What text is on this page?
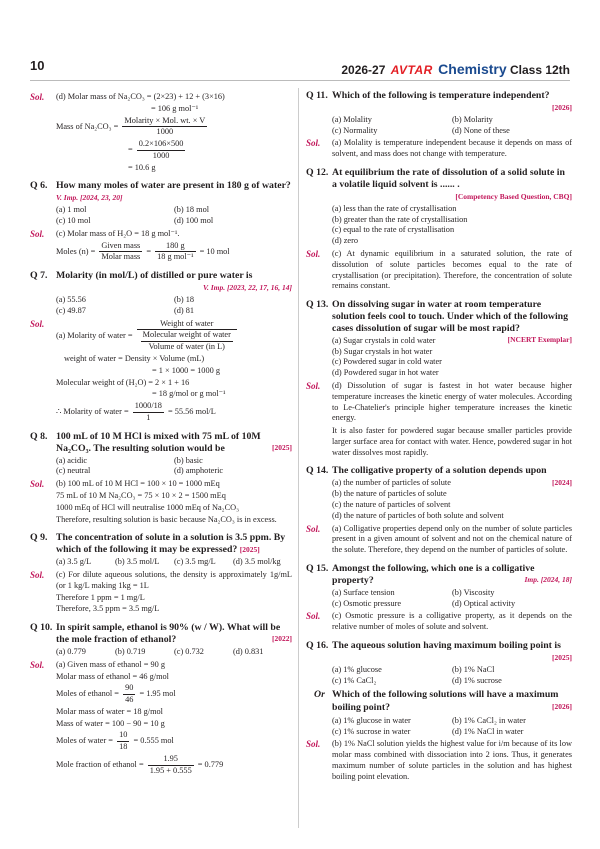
10	2026-27 AVTAR Chemistry Class 12th
Sol. (d) Molar mass of Na₂CO₃ = (2×23) + 12 + (3×16)
= 106 g mol⁻¹
Mass of $Na_2CO_3 = \frac{\text{Molarity × Mol. wt. × V}}{1000}$
= $\frac{0.2\times 106\times 500}{1000}$
= 10.6 g
Q 6. How many moles of water are present in 180 g of water? V. Imp. [2024, 23, 20]
(a) 1 mol	(b) 18 mol
(c) 10 mol	(d) 100 mol
Sol. (c) Molar mass of H₂O = 18 g mol⁻¹.
Moles $(n) = \frac{\text{Given mass}}{\text{Molar mass}} = \frac{180 g}{\text{18 g mol⁻¹}} = 10$ mol
Q 7. Molarity (in mol/L) of distilled or pure water is
V. Imp. [2023, 22, 17, 16, 14]
(a) 55.56	(b) 18
(c) 49.87	(d) 81
Sol.
(a) Molarity of water = $\frac{\text{Weight of water}}{\frac{\text{Molecular weight of water}}{\text{Volume of water (in L)}}}$
weight of water = Density × Volume (mL)
= 1 × 1000 = 1000 g
Molecular weight of (H₂O) = 2 × 1 + 16
= 18 g/mol or g mol⁻¹
∴ Molarity of water = $\frac{1000/18}{1} = 55.56$ mol/L
Q 8. 100 mL of 10 M HCl is mixed with 75 mL of 10M Na₂CO₃. The resulting solution would be	[2025]
(a) acidic	(b) basic
(c) neutral	(d) amphoteric
Sol. (b) 100 mL of 10 M HCl = 100 × 10 = 1000 mEq
75 mL of 10 M Na₂CO₃ = 75 × 10 × 2 = 1500 mEq
1000 mEq of HCl will neutralise 1000 mEq of Na₂CO₃
Therefore, resulting solution is basic because Na₂CO₃ is in excess.
Q 9. The concentration of solute in a solution is 3.5 ppm. By which of the following it may be expressed? [2025]
(a) 3.5 g/L	(b) 3.5 mol/L	(c) 3.5 mg/L	(d) 3.5 mol/kg
Sol. (c) For dilute aqueous solutions, the density is approximately 1g/mL (or 1 kg/L making 1kg = 1L
Therefore 1 ppm = 1 mg/L
Therefore, 3.5 ppm = 3.5 mg/L
Q 10. In spirit sample, ethanol is 90% (w / W). What will be the mole fraction of ethanol?	[2022]
(a) 0.779	(b) 0.719	(c) 0.732	(d) 0.831
Sol. (a) Given mass of ethanol = 90 g
Molar mass of ethanol = 46 g/mol
Moles of ethanol = $\frac{90}{46} = 1.95$ mol
Molar mass of water = 18 g/mol
Mass of water = 100 − 90 = 10 g
Moles of water = $\frac{10}{18} = 0.555$ mol
Mole fraction of ethanol = $\frac{1.95}{1.95 + 0.555} = 0.779$
Q 11. Which of the following is temperature independent?
[2026]
(a) Molality	(b) Molarity
(c) Normality	(d) None of these
Sol. (a) Molality is temperature independent because it depends on mass of solvent, and mass does not change with temperature.
Q 12. At equilibrium the rate of dissolution of a solid solute in a volatile liquid solvent is ...... .
[Competency Based Question, CBQ]
(a) less than the rate of crystallisation
(b) greater than the rate of crystallisation
(c) equal to the rate of crystallisation
(d) zero
Sol. (c) At dynamic equilibrium in a saturated solution, the rate of dissolution of solute particles becomes equal to the rate of crystallisation (or precipitation). Therefore, the concentration of solute remains constant.
Q 13. On dissolving sugar in water at room temperature solution feels cool to touch. Under which of the following cases dissolution of sugar will be most rapid?
[NCERT Exemplar]
(a) Sugar crystals in cold water
(b) Sugar crystals in hot water
(c) Powdered sugar in cold water
(d) Powdered sugar in hot water
Sol. (d) Dissolution of sugar is fastest in hot water because higher temperature increases the kinetic energy of water molecules. According to Le-Chatelier's principle higher temperature increases the kinetic energy.
It is also faster for powdered sugar because smaller particles provide larger surface area for contact with water. Hence, powdered sugar in hot water dissolves most rapidly.
Q 14. The colligative property of a solution depends upon
(a) the number of particles of solute	[2024]
(b) the nature of particles of solute
(c) the nature of particles of solvent
(d) the nature of particles of both solute and solvent
Sol. (a) Colligative properties depend only on the number of solute particles present in a given amount of solvent and not on the chemical nature of the solute. Therefore, they depend on the number of particles of solute.
Q 15. Amongst the following, which one is a colligative property?	Imp. [2024, 18]
(a) Surface tension	(b) Viscosity
(c) Osmotic pressure	(d) Optical activity
Sol. (c) Osmotic pressure is a colligative property, as it depends on the relative number of moles of solute and solvent.
Q 16. The aqueous solution having maximum boiling point is
[2025]
(a) 1% glucose	(b) 1% NaCl
(c) 1% CaCl₂	(d) 1% sucrose
Or Which of the following solutions will have a maximum boiling point?	[2026]
(a) 1% glucose in water	(b) 1% CaCl₂ in water
(c) 1% sucrose in water	(d) 1% NaCl in water
Sol. (b) 1% NaCl solution yields the highest value for i/m because of its low molar mass combined with dissociation into 2 ions. Thus, it generates maximum number of solute particles in the solution and has highest boiling point elevation.
